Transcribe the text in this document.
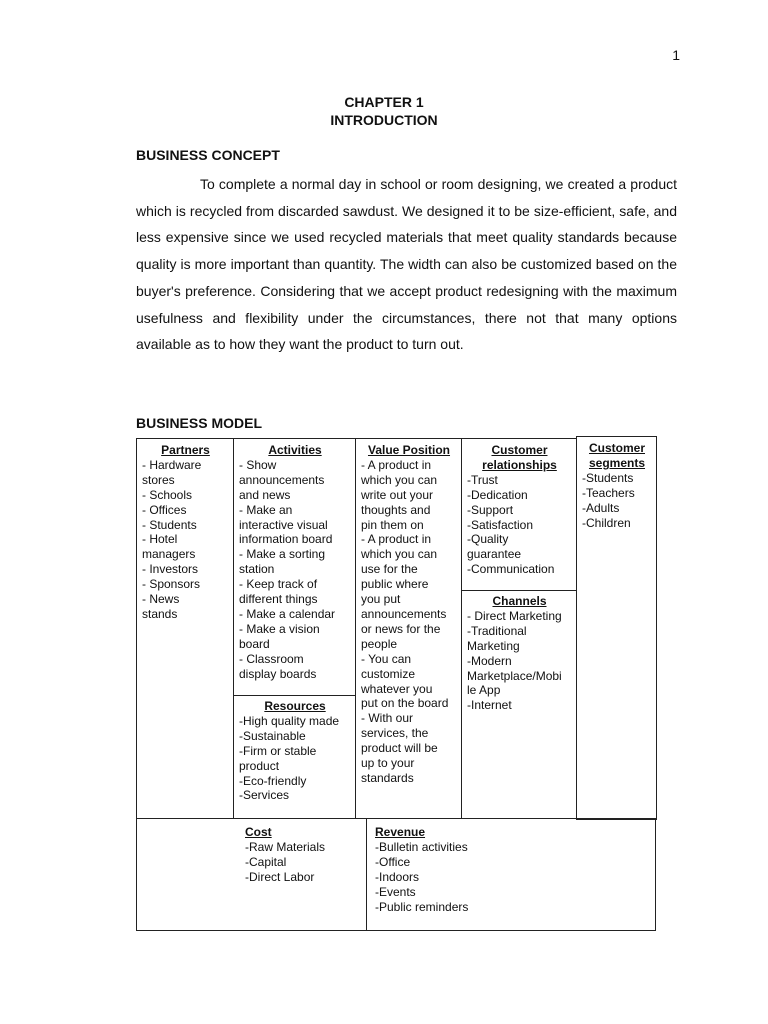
1
CHAPTER 1
INTRODUCTION
BUSINESS CONCEPT

To complete a normal day in school or room designing, we created a product which is recycled from discarded sawdust. We designed it to be size-efficient, safe, and less expensive since we used recycled materials that meet quality standards because quality is more important than quantity. The width can also be customized based on the buyer's preference. Considering that we accept product redesigning with the maximum usefulness and flexibility under the circumstances, there not that many options available as to how they want the product to turn out.

BUSINESS MODEL
Partners
- Hardware
stores
- Schools
- Offices
- Students
- Hotel
managers
- Investors
- Sponsors
- News
stands
Activities
- Show
announcements
and news
- Make an
interactive visual
information board
- Make a sorting
station
- Keep track of
different things
- Make a calendar
- Make a vision
board
- Classroom
display boards
Resources
-High quality made
-Sustainable
-Firm or stable
product
-Eco-friendly
-Services
Value Position
- A product in
which you can
write out your
thoughts and
pin them on
- A product in
which you can
use for the
public where
you put
announcements
or news for the
people
- You can
customize
whatever you
put on the board
- With our
services, the
product will be
up to your
standards
Customer
relationships
-Trust
-Dedication
-Support
-Satisfaction
-Quality
guarantee
-Communication
Channels
- Direct Marketing
-Traditional
Marketing
-Modern
Marketplace/Mobi
le App
-Internet
Customer
segments
-Students
-Teachers
-Adults
-Children
Cost
-Raw Materials
-Capital
-Direct Labor
Revenue
-Bulletin activities
-Office
-Indoors
-Events
-Public reminders
